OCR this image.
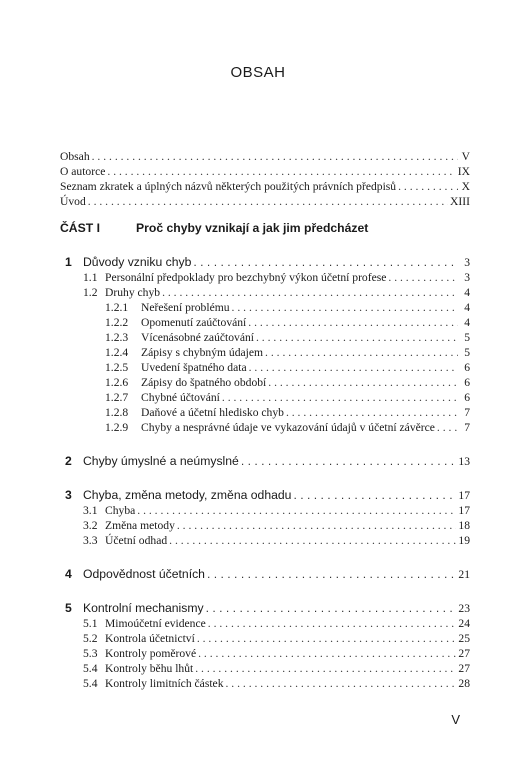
OBSAH
Obsah . . .	V
O autorce . . .	IX
Seznam zkratek a úplných názvů některých použitých právních předpisů . . .	X
Úvod . . .	XIII
ČÁST I	Proč chyby vznikají a jak jim předcházet
1 Důvody vzniku chyb . . .	3
1.1 Personální předpoklady pro bezchybný výkon účetní profese . . .	3
1.2 Druhy chyb . . .	4
1.2.1	Neřešení problému . . .	4
1.2.2	Opomenutí zaúčtování . . .	4
1.2.3	Vícenásobné zaúčtování . . .	5
1.2.4	Zápisy s chybným údajem . . .	5
1.2.5	Uvedení špatného data . . .	6
1.2.6	Zápisy do špatného období . . .	6
1.2.7	Chybné účtování . . .	6
1.2.8	Daňové a účetní hledisko chyb . . .	7
1.2.9	Chyby a nesprávné údaje ve vykazování údajů v účetní závěrce . . .	7
2 Chyby úmyslné a neúmyslné . . .	13
3 Chyba, změna metody, změna odhadu . . .	17
3.1 Chyba . . .	17
3.2 Změna metody . . .	18
3.3 Účetní odhad . . .	19
4 Odpovědnost účetních . . .	21
5 Kontrolní mechanismy . . .	23
5.1 Mimoúčetní evidence . . .	24
5.2 Kontrola účetnictví . . .	25
5.3 Kontroly poměrové . . .	27
5.4 Kontroly běhu lhůt . . .	27
5.4 Kontroly limitních částek . . .	28
V
